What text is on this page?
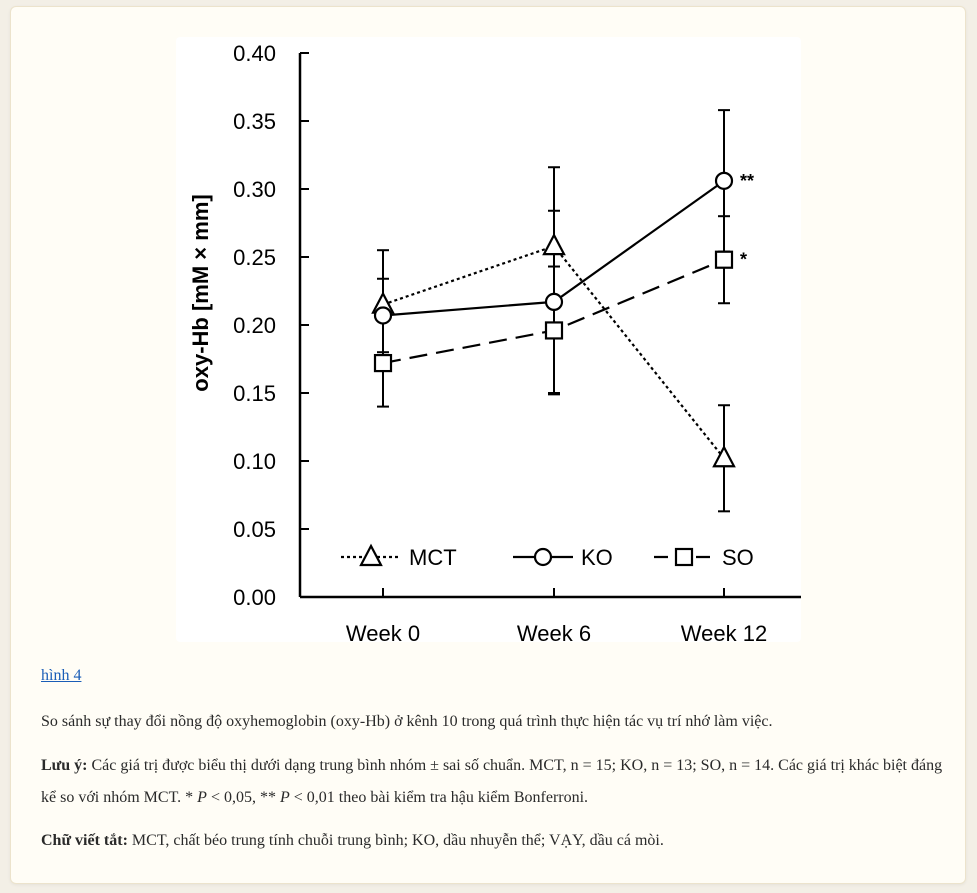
0.00
0.05
0.10
0.15
0.20
0.25
0.30
0.35
0.40
Week 0	Week 6	Week 12
oxy-Hb [mM × mm]
**
*
MCT	KO	SO
hình 4
So sánh sự thay đổi nồng độ oxyhemoglobin (oxy-Hb) ở kênh 10 trong quá trình thực hiện tác vụ trí nhớ làm việc.
Lưu ý: Các giá trị được biểu thị dưới dạng trung bình nhóm ± sai số chuẩn. MCT, n = 15; KO, n = 13; SO, n = 14. Các giá trị khác biệt đáng kể so với nhóm MCT. * P < 0,05, ** P < 0,01 theo bài kiểm tra hậu kiểm Bonferroni.
Chữ viết tắt: MCT, chất béo trung tính chuỗi trung bình; KO, dầu nhuyễn thể; VẠY, dầu cá mòi.
